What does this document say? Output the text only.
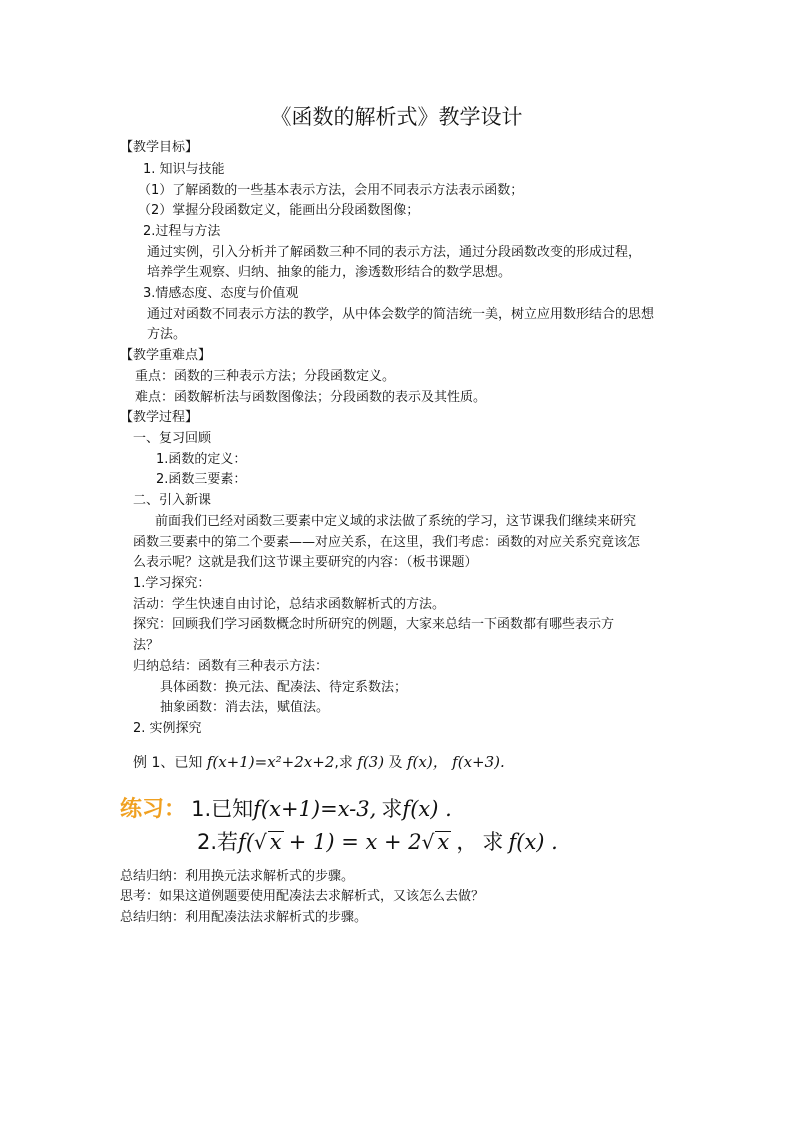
《函数的解析式》教学设计
【教学目标】
1. 知识与技能
（1）了解函数的一些基本表示方法，会用不同表示方法表示函数；
（2）掌握分段函数定义，能画出分段函数图像；
2.过程与方法
通过实例，引入分析并了解函数三种不同的表示方法，通过分段函数改变的形成过程，
培养学生观察、归纳、抽象的能力，渗透数形结合的数学思想。
3.情感态度、态度与价值观
通过对函数不同表示方法的教学，从中体会数学的简洁统一美，树立应用数形结合的思想
方法。
【教学重难点】
重点：函数的三种表示方法；分段函数定义。
难点：函数解析法与函数图像法；分段函数的表示及其性质。
【教学过程】
一、复习回顾
1.函数的定义：
2.函数三要素：
二、引入新课
前面我们已经对函数三要素中定义域的求法做了系统的学习，这节课我们继续来研究
函数三要素中的第二个要素——对应关系，在这里，我们考虑：函数的对应关系究竟该怎
么表示呢？这就是我们这节课主要研究的内容：（板书课题）
1.学习探究：
活动：学生快速自由讨论，总结求函数解析式的方法。
探究：回顾我们学习函数概念时所研究的例题，大家来总结一下函数都有哪些表示方
法？
归纳总结：函数有三种表示方法：
具体函数：换元法、配凑法、待定系数法；
抽象函数：消去法，赋值法。
2. 实例探究
总结归纳：利用换元法求解析式的步骤。
思考：如果这道例题要使用配凑法去求解析式，又该怎么去做？
总结归纳：利用配凑法法求解析式的步骤。
例 1、已知 f(x+1)=x²+2x+2,求 f(3) 及 f(x)， f(x+3).
练习： 1.已知f(x+1)=x-3, 求f(x) .
2.若f(√ x + 1) = x + 2√ x ， 求 f(x) .
